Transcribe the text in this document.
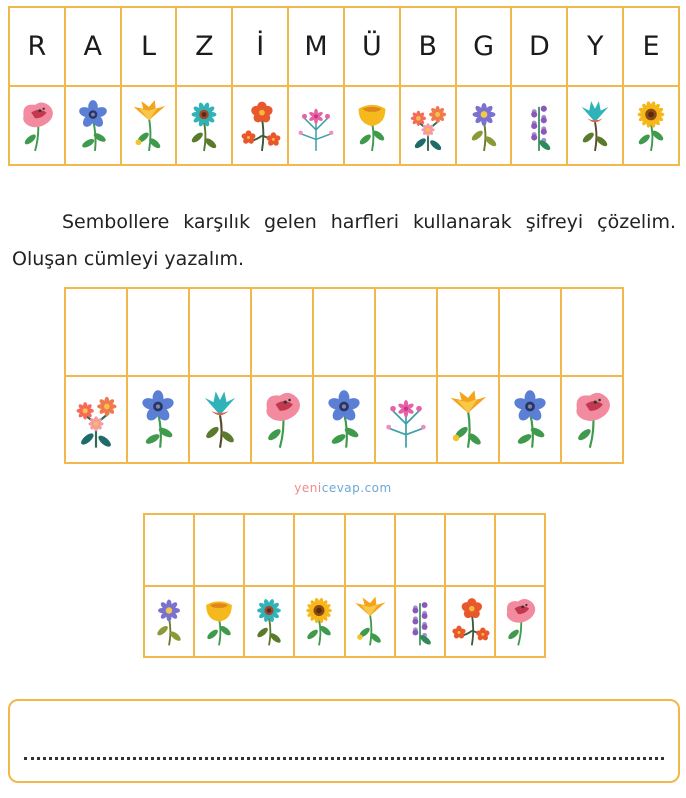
R A L Z İ M Ü B G D Y E

Sembollere karşılık gelen harfleri kullanarak şifreyi çözelim. Oluşan cümleyi yazalım.

yenicevap.com
